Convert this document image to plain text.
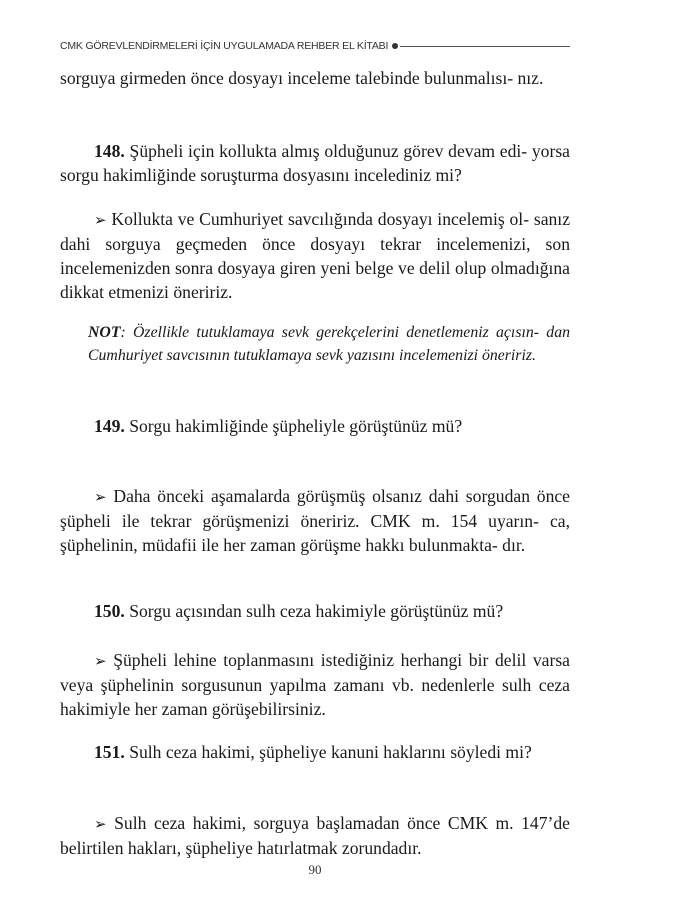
CMK GÖREVLENDİRMELERİ İÇİN UYGULAMADA REHBER EL KİTABI

sorguya girmeden önce dosyayı inceleme talebinde bulunmalısı- nız.

148. Şüpheli için kollukta almış olduğunuz görev devam edi- yorsa sorgu hakimliğinde soruşturma dosyasını incelediniz mi?

➢ Kollukta ve Cumhuriyet savcılığında dosyayı incelemiş ol- sanız dahi sorguya geçmeden önce dosyayı tekrar incelemenizi, son incelemenizden sonra dosyaya giren yeni belge ve delil olup olmadığına dikkat etmenizi öneririz.

NOT: Özellikle tutuklamaya sevk gerekçelerini denetlemeniz açısın- dan Cumhuriyet savcısının tutuklamaya sevk yazısını incelemenizi öneririz.

149. Sorgu hakimliğinde şüpheliyle görüştünüz mü?

➢ Daha önceki aşamalarda görüşmüş olsanız dahi sorgudan önce şüpheli ile tekrar görüşmenizi öneririz. CMK m. 154 uyarın- ca, şüphelinin, müdafii ile her zaman görüşme hakkı bulunmakta- dır.

150. Sorgu açısından sulh ceza hakimiyle görüştünüz mü?

➢ Şüpheli lehine toplanmasını istediğiniz herhangi bir delil varsa veya şüphelinin sorgusunun yapılma zamanı vb. nedenlerle sulh ceza hakimiyle her zaman görüşebilirsiniz.

151. Sulh ceza hakimi, şüpheliye kanuni haklarını söyledi mi?

➢ Sulh ceza hakimi, sorguya başlamadan önce CMK m. 147’de belirtilen hakları, şüpheliye hatırlatmak zorundadır.

90
